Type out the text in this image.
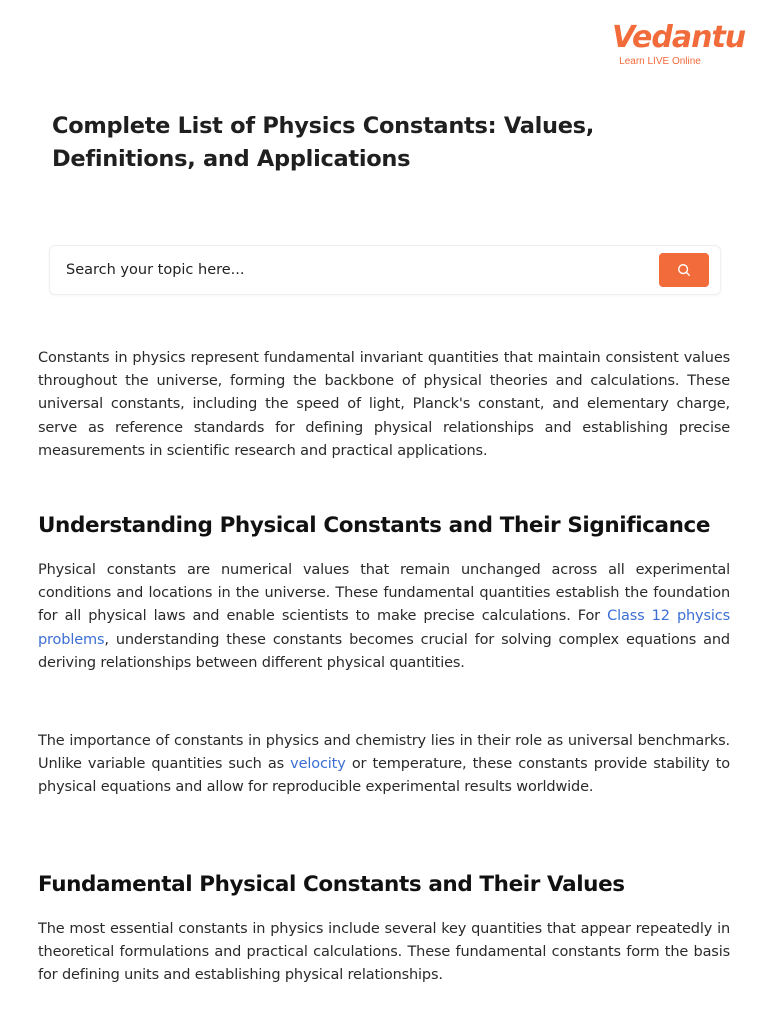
Vedantu
Learn LIVE Online
Complete List of Physics Constants: Values, Definitions, and Applications
Search your topic here...

Constants in physics represent fundamental invariant quantities that maintain consistent values throughout the universe, forming the backbone of physical theories and calculations. These universal constants, including the speed of light, Planck's constant, and elementary charge, serve as reference standards for defining physical relationships and establishing precise measurements in scientific research and practical applications.

Understanding Physical Constants and Their Significance

Physical constants are numerical values that remain unchanged across all experimental conditions and locations in the universe. These fundamental quantities establish the foundation for all physical laws and enable scientists to make precise calculations. For Class 12 physics problems, understanding these constants becomes crucial for solving complex equations and deriving relationships between different physical quantities.

The importance of constants in physics and chemistry lies in their role as universal benchmarks. Unlike variable quantities such as velocity or temperature, these constants provide stability to physical equations and allow for reproducible experimental results worldwide.

Fundamental Physical Constants and Their Values

The most essential constants in physics include several key quantities that appear repeatedly in theoretical formulations and practical calculations. These fundamental constants form the basis for defining units and establishing physical relationships.
